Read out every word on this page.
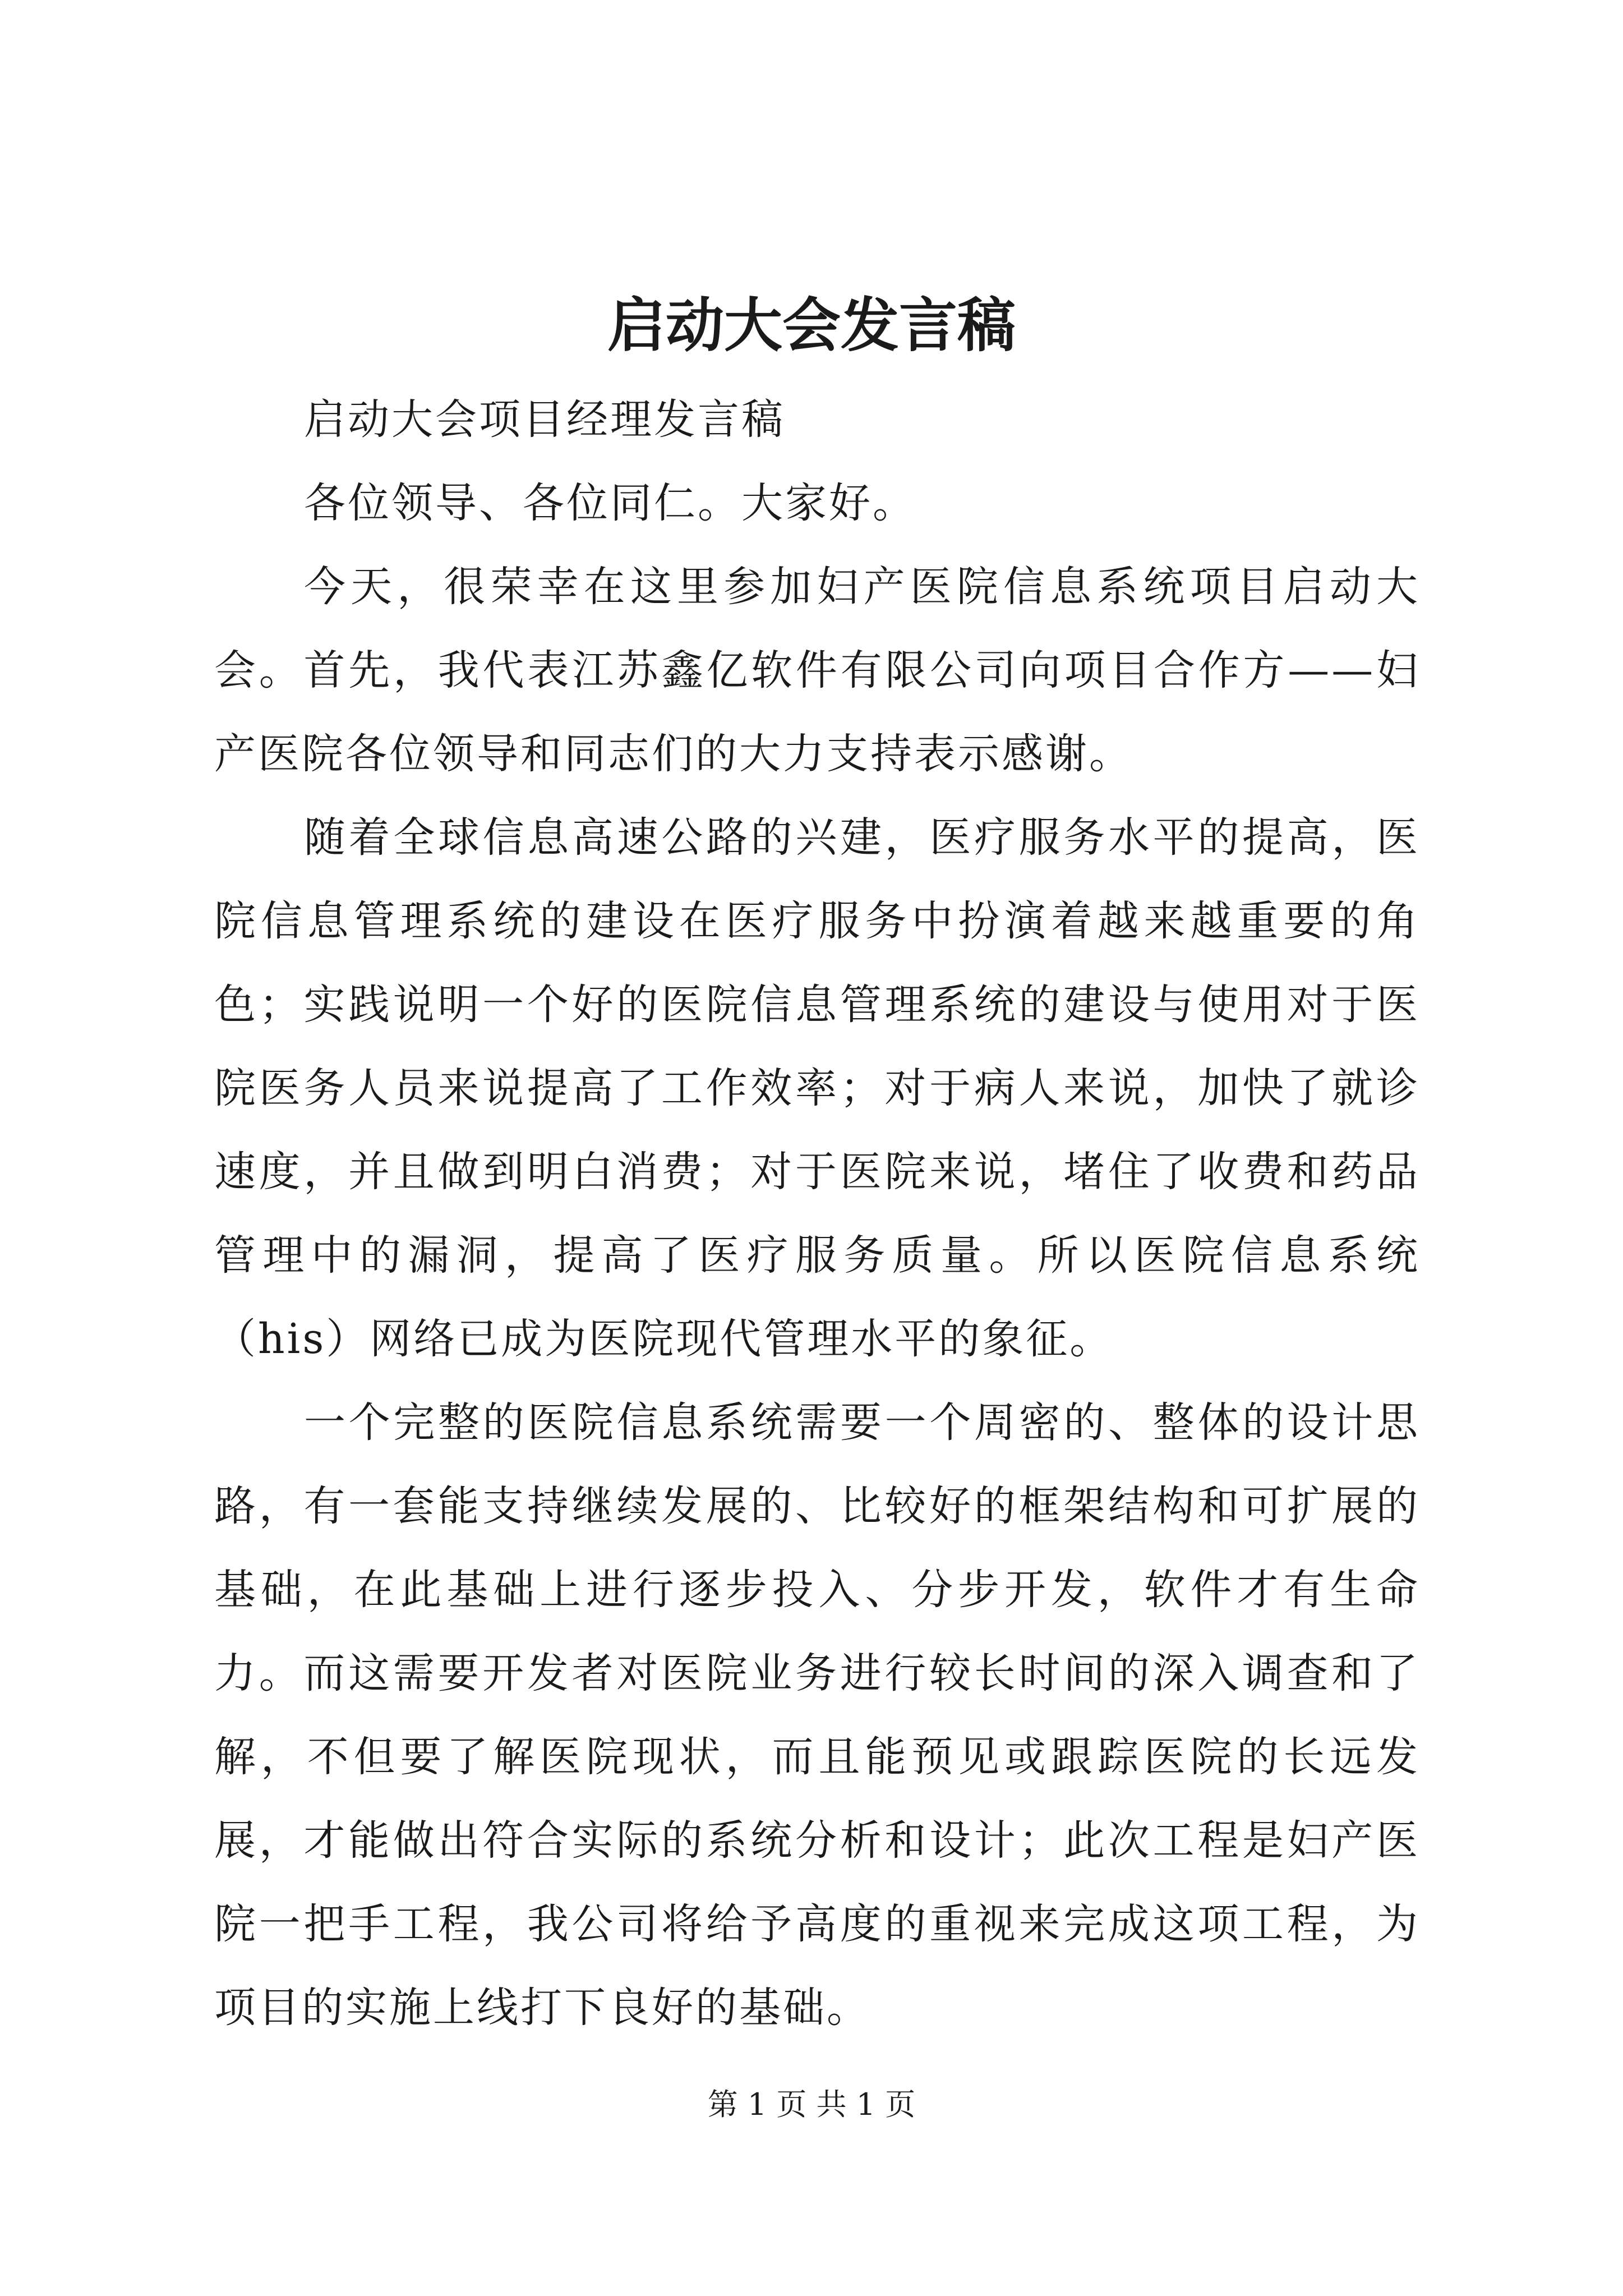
启动大会发言稿

启动大会项目经理发言稿

各位领导、各位同仁。大家好。

今天，很荣幸在这里参加妇产医院信息系统项目启动大会。首先，我代表江苏鑫亿软件有限公司向项目合作方——妇产医院各位领导和同志们的大力支持表示感谢。

随着全球信息高速公路的兴建，医疗服务水平的提高，医院信息管理系统的建设在医疗服务中扮演着越来越重要的角色；实践说明一个好的医院信息管理系统的建设与使用对于医院医务人员来说提高了工作效率；对于病人来说，加快了就诊速度，并且做到明白消费；对于医院来说，堵住了收费和药品管理中的漏洞，提高了医疗服务质量。所以医院信息系统（his）网络已成为医院现代管理水平的象征。

一个完整的医院信息系统需要一个周密的、整体的设计思路，有一套能支持继续发展的、比较好的框架结构和可扩展的基础，在此基础上进行逐步投入、分步开发，软件才有生命力。而这需要开发者对医院业务进行较长时间的深入调查和了解，不但要了解医院现状，而且能预见或跟踪医院的长远发展，才能做出符合实际的系统分析和设计；此次工程是妇产医院一把手工程，我公司将给予高度的重视来完成这项工程，为项目的实施上线打下良好的基础。

第 1 页 共 1 页
